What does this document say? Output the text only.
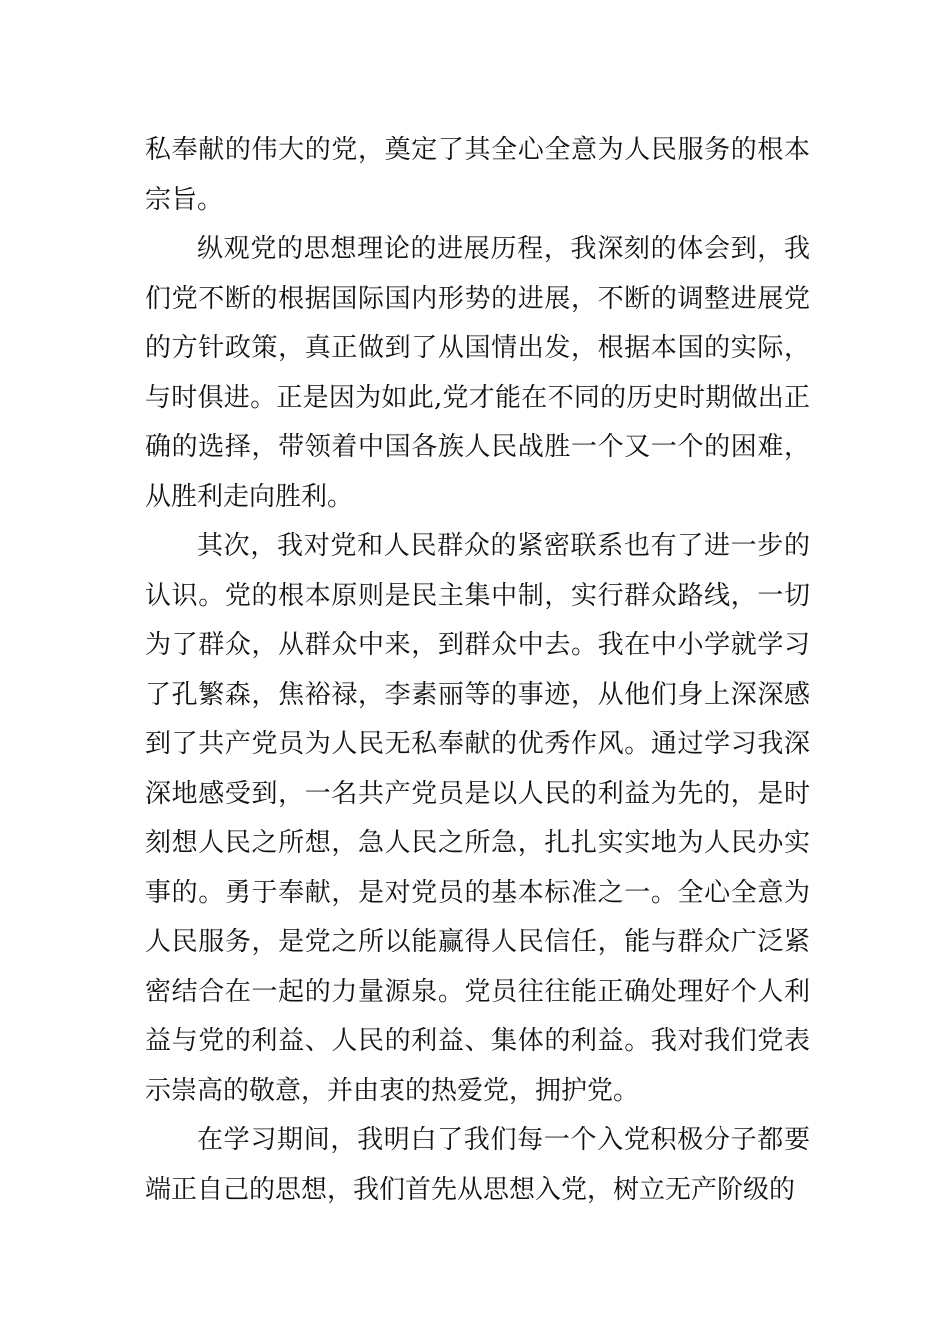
私奉献的伟大的党，奠定了其全心全意为人民服务的根本宗旨。

纵观党的思想理论的进展历程，我深刻的体会到，我们党不断的根据国际国内形势的进展，不断的调整进展党的方针政策，真正做到了从国情出发，根据本国的实际，与时俱进。正是因为如此,党才能在不同的历史时期做出正确的选择，带领着中国各族人民战胜一个又一个的困难，从胜利走向胜利。

其次，我对党和人民群众的紧密联系也有了进一步的认识。党的根本原则是民主集中制，实行群众路线，一切为了群众，从群众中来，到群众中去。我在中小学就学习了孔繁森，焦裕禄，李素丽等的事迹，从他们身上深深感到了共产党员为人民无私奉献的优秀作风。通过学习我深深地感受到，一名共产党员是以人民的利益为先的，是时刻想人民之所想，急人民之所急，扎扎实实地为人民办实事的。勇于奉献，是对党员的基本标准之一。全心全意为人民服务，是党之所以能赢得人民信任，能与群众广泛紧密结合在一起的力量源泉。党员往往能正确处理好个人利益与党的利益、人民的利益、集体的利益。我对我们党表示崇高的敬意，并由衷的热爱党，拥护党。

在学习期间，我明白了我们每一个入党积极分子都要端正自己的思想，我们首先从思想入党，树立无产阶级的
